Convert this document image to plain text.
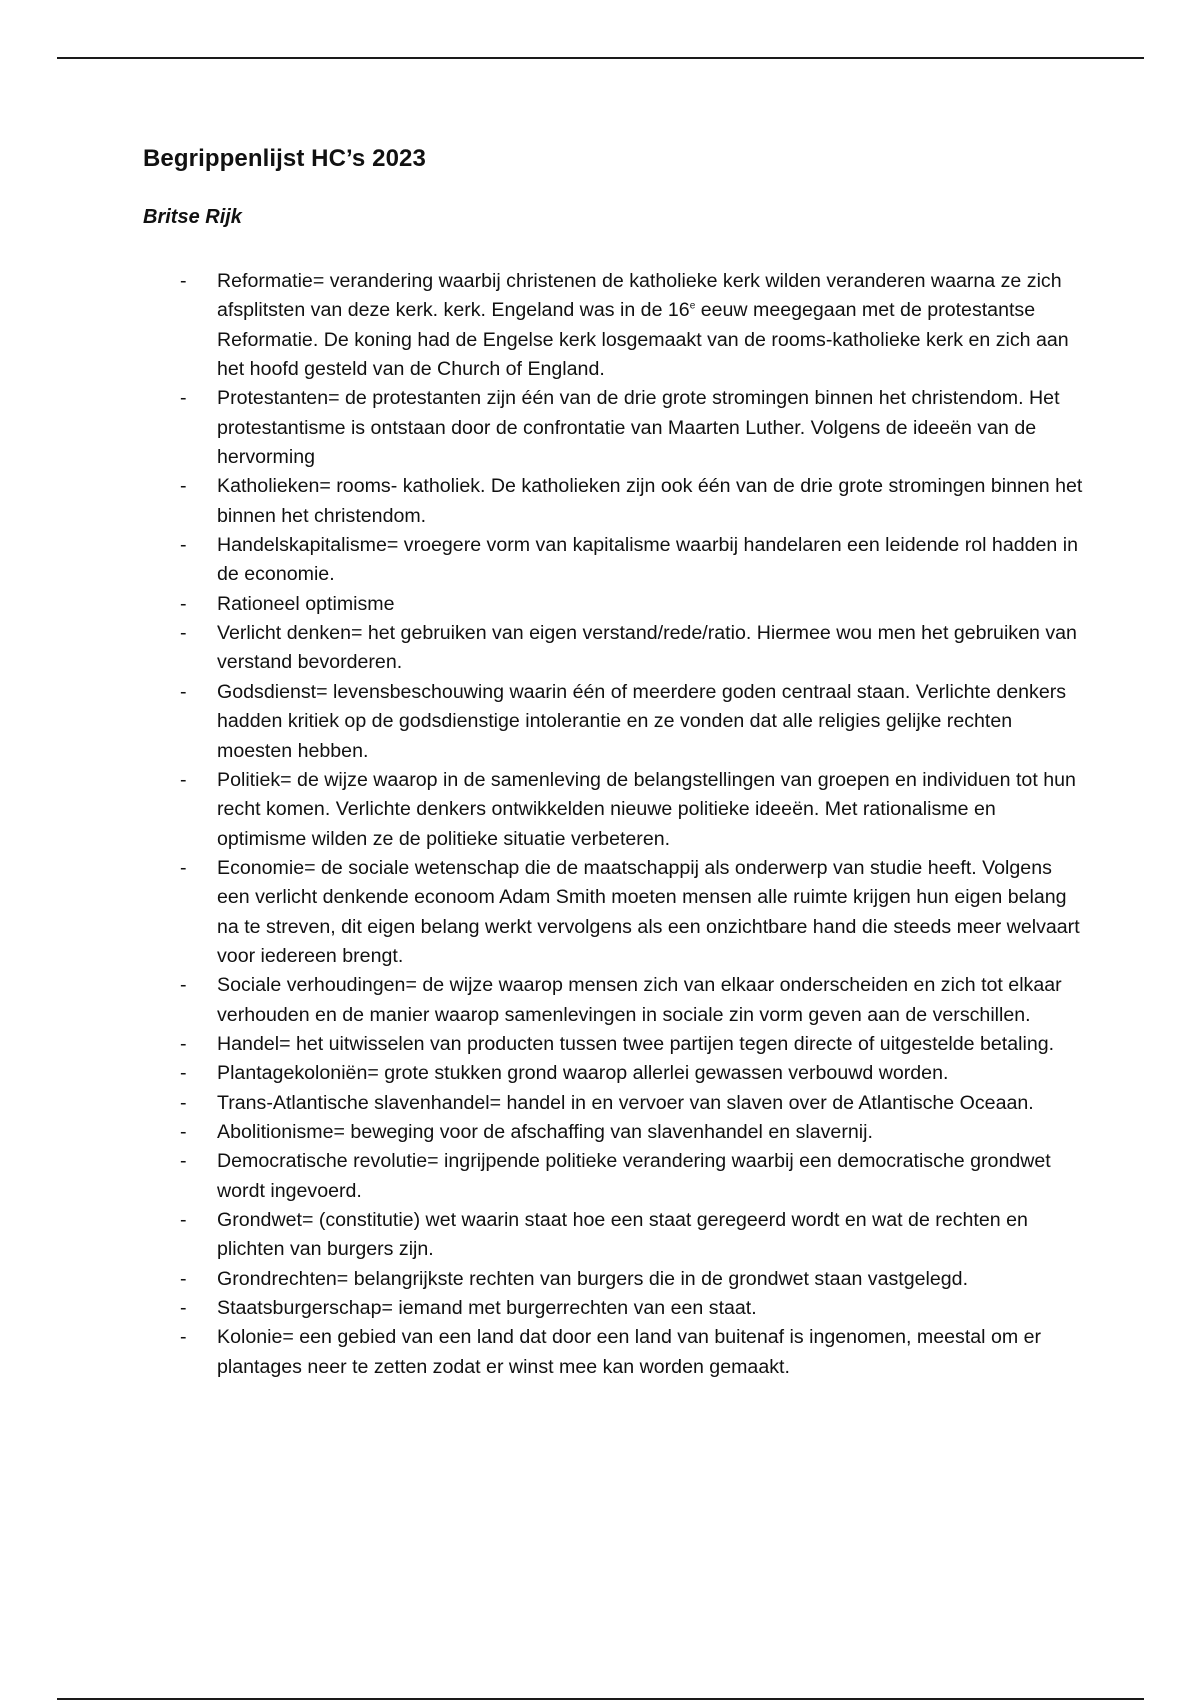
Begrippenlijst HC’s 2023
Britse Rijk
- Reformatie= verandering waarbij christenen de katholieke kerk wilden veranderen waarna ze zich afsplitsten van deze kerk. kerk. Engeland was in de 16e eeuw meegegaan met de protestantse Reformatie. De koning had de Engelse kerk losgemaakt van de rooms-katholieke kerk en zich aan het hoofd gesteld van de Church of England.
- Protestanten= de protestanten zijn één van de drie grote stromingen binnen het christendom. Het protestantisme is ontstaan door de confrontatie van Maarten Luther. Volgens de ideeën van de hervorming
- Katholieken= rooms- katholiek. De katholieken zijn ook één van de drie grote stromingen binnen het binnen het christendom.
- Handelskapitalisme= vroegere vorm van kapitalisme waarbij handelaren een leidende rol hadden in de economie.
- Rationeel optimisme
- Verlicht denken= het gebruiken van eigen verstand/rede/ratio. Hiermee wou men het gebruiken van verstand bevorderen.
- Godsdienst= levensbeschouwing waarin één of meerdere goden centraal staan. Verlichte denkers hadden kritiek op de godsdienstige intolerantie en ze vonden dat alle religies gelijke rechten moesten hebben.
- Politiek= de wijze waarop in de samenleving de belangstellingen van groepen en individuen tot hun recht komen. Verlichte denkers ontwikkelden nieuwe politieke ideeën. Met rationalisme en optimisme wilden ze de politieke situatie verbeteren.
- Economie= de sociale wetenschap die de maatschappij als onderwerp van studie heeft. Volgens een verlicht denkende econoom Adam Smith moeten mensen alle ruimte krijgen hun eigen belang na te streven, dit eigen belang werkt vervolgens als een onzichtbare hand die steeds meer welvaart voor iedereen brengt.
- Sociale verhoudingen= de wijze waarop mensen zich van elkaar onderscheiden en zich tot elkaar verhouden en de manier waarop samenlevingen in sociale zin vorm geven aan de verschillen.
- Handel= het uitwisselen van producten tussen twee partijen tegen directe of uitgestelde betaling.
- Plantagekoloniën= grote stukken grond waarop allerlei gewassen verbouwd worden.
- Trans-Atlantische slavenhandel= handel in en vervoer van slaven over de Atlantische Oceaan.
- Abolitionisme= beweging voor de afschaffing van slavenhandel en slavernij.
- Democratische revolutie= ingrijpende politieke verandering waarbij een democratische grondwet wordt ingevoerd.
- Grondwet= (constitutie) wet waarin staat hoe een staat geregeerd wordt en wat de rechten en plichten van burgers zijn.
- Grondrechten= belangrijkste rechten van burgers die in de grondwet staan vastgelegd.
- Staatsburgerschap= iemand met burgerrechten van een staat.
- Kolonie= een gebied van een land dat door een land van buitenaf is ingenomen, meestal om er plantages neer te zetten zodat er winst mee kan worden gemaakt.
